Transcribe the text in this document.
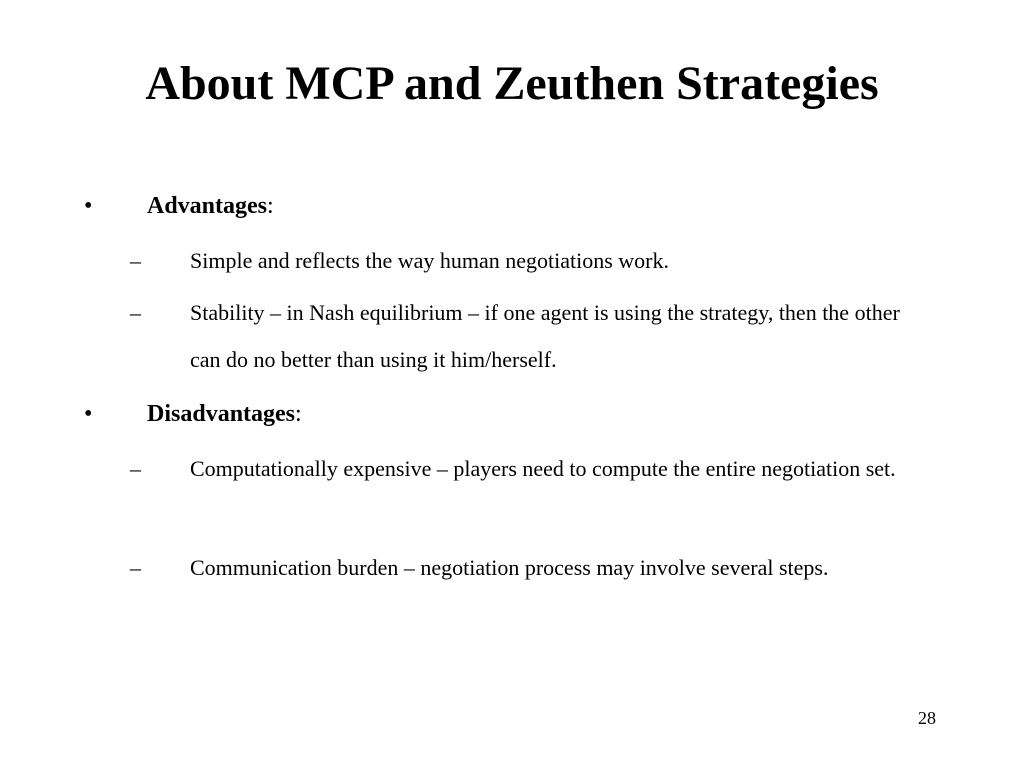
About MCP and Zeuthen Strategies
• Advantages:
– Simple and reflects the way human negotiations work.
– Stability – in Nash equilibrium – if one agent is using the strategy, then the other can do no better than using it him/herself.
• Disadvantages:
– Computationally expensive – players need to compute the entire negotiation set.
– Communication burden – negotiation process may involve several steps.
28
